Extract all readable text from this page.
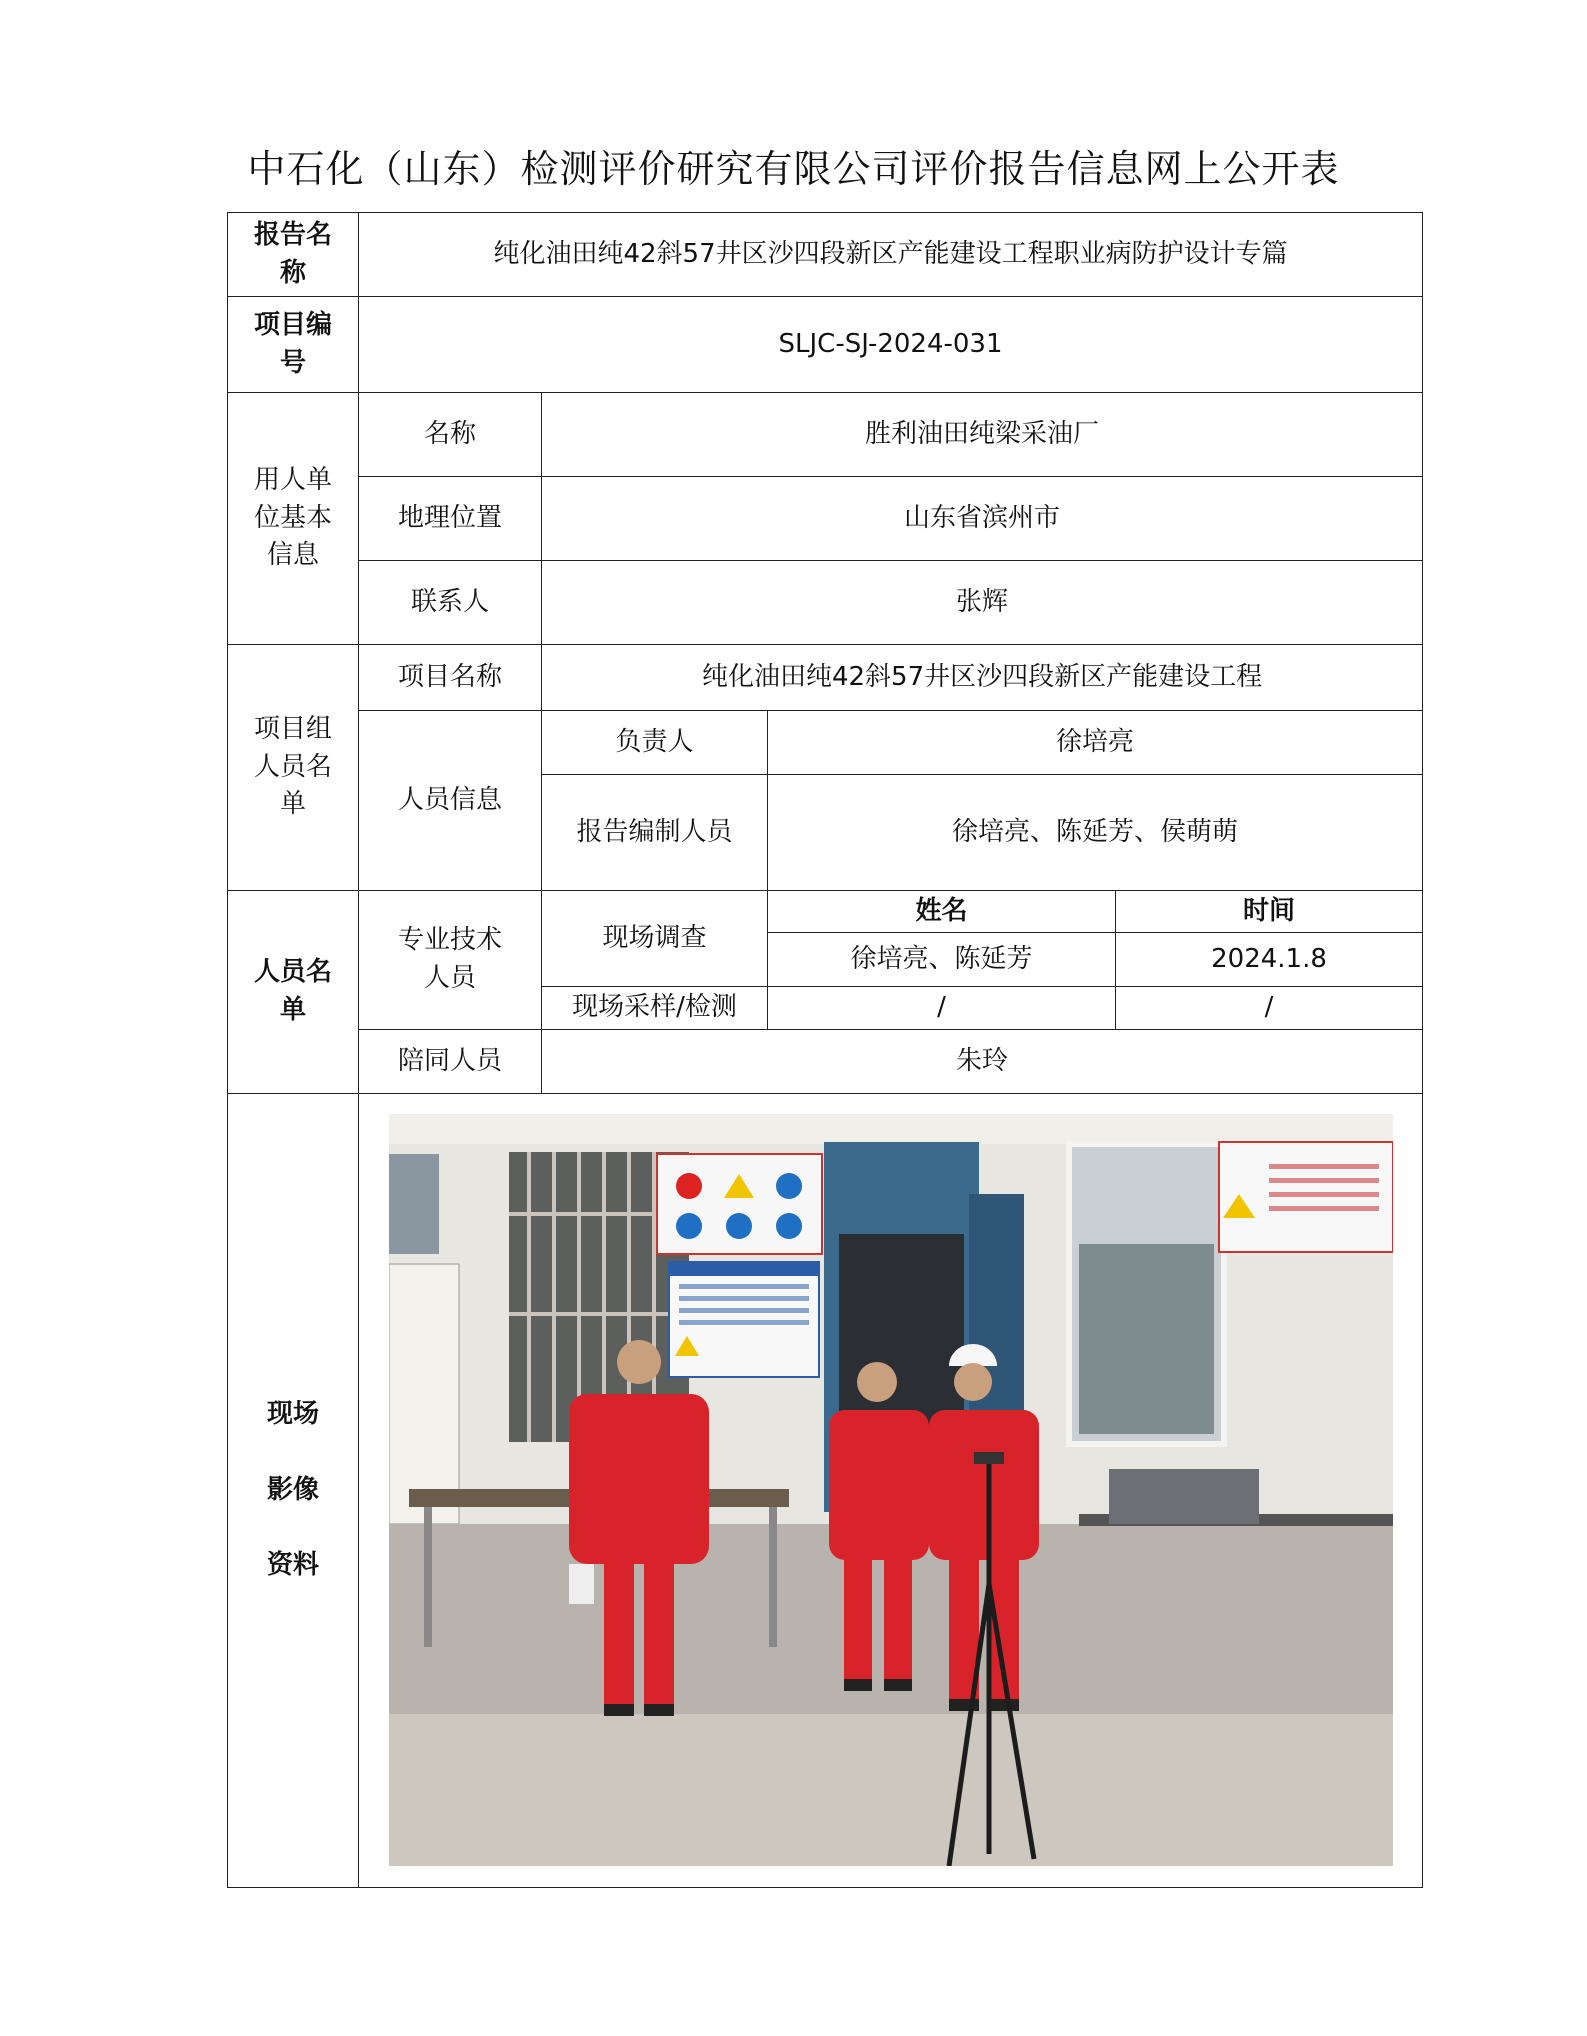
中石化（山东）检测评价研究有限公司评价报告信息网上公开表
报告名称	纯化油田纯42斜57井区沙四段新区产能建设工程职业病防护设计专篇			

项目编号	SLJC-SJ-2024-031			

用人单位基本信息	名称	胜利油田纯梁采油厂		
	地理位置	山东省滨州市		
	联系人	张辉		

项目组人员名单	项目名称	纯化油田纯42斜57井区沙四段新区产能建设工程		
	人员信息	负责人	徐培亮	
		报告编制人员	徐培亮、陈延芳、侯萌萌	

人员名单	专业技术人员	现场调查	姓名	时间
			徐培亮、陈延芳	2024.1.8
		现场采样/检测	/	/
	陪同人员	朱玲		

现场影像资料
